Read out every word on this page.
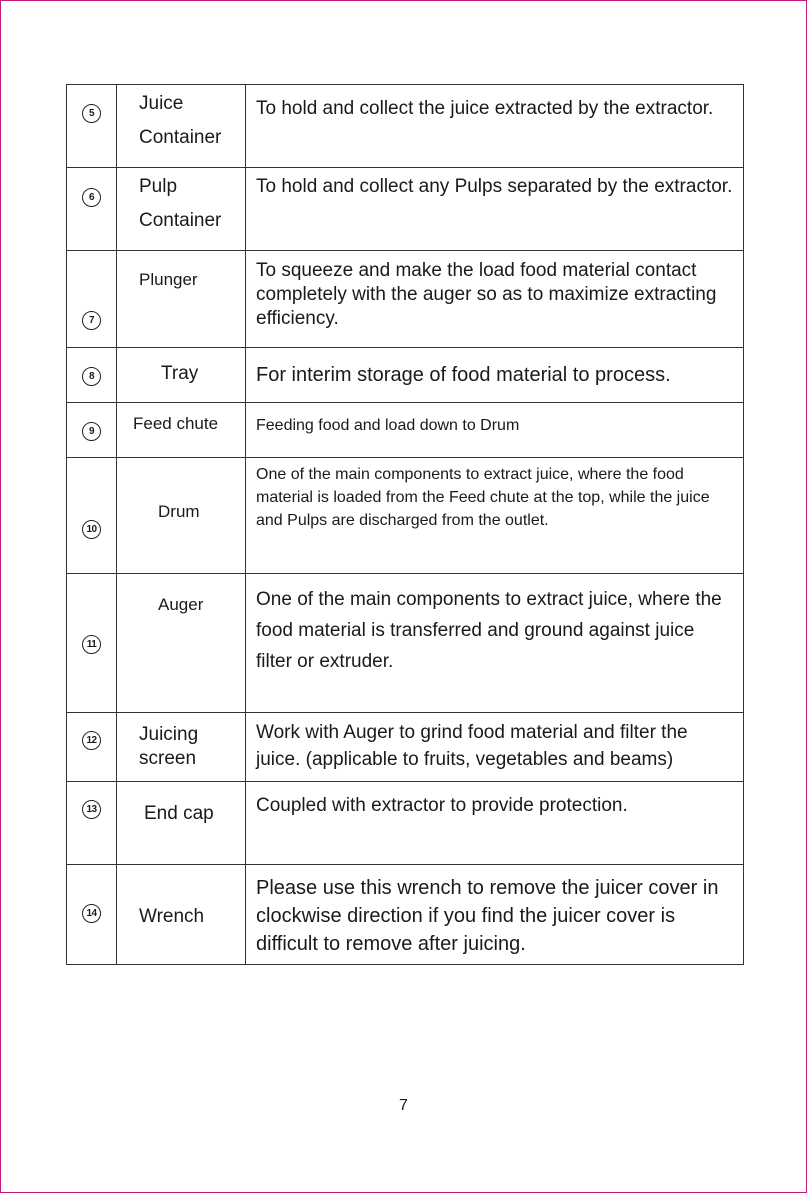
5	Juice Container	To hold and collect the juice extracted by the extractor.

6	Pulp Container	To hold and collect any Pulps separated by the extractor.

7	Plunger	To squeeze and make the load food material contact completely with the auger so as to maximize extracting efficiency.

8	Tray	For interim storage of food material to process.

9	Feed chute	Feeding food and load down to Drum

10	Drum	One of the main components to extract juice, where the food material is loaded from the Feed chute at the top, while the juice and Pulps are discharged from the outlet.

11	Auger	One of the main components to extract juice, where the food material is transferred and ground against juice filter or extruder.

12	Juicing screen	Work with Auger to grind food material and filter the juice. (applicable to fruits, vegetables and beams)

13	End cap	Coupled with extractor to provide protection.

14	Wrench	Please use this wrench to remove the juicer cover in clockwise direction if you find the juicer cover is difficult to remove after juicing.
7
